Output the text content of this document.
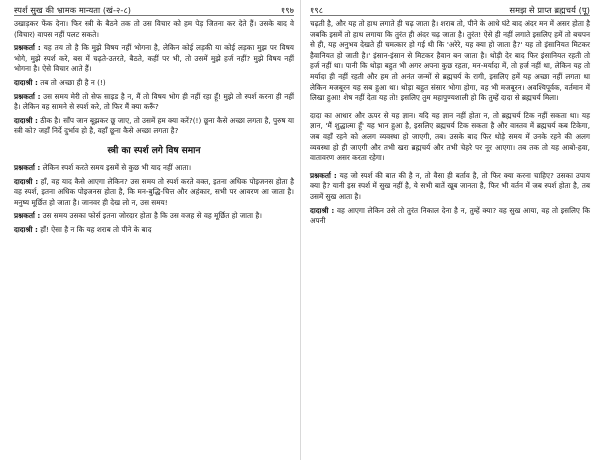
स्पर्श सुख की भ्रामक मान्यता (खं-२-८)	१९७

उखाड़कर फेंक देना। फिर स्त्री के बैठने तक तो उस विचार को हम पेड़ जितना कर देते हैं। उसके बाद वे (विचार) वापस नहीं पलट सकते।

प्रश्नकर्ता : यह तय तो है कि मुझे विषय नहीं भोगना है, लेकिन कोई लड़की या कोई लड़का मुझ पर विषय भोगे, मुझे स्पर्श करे, बस में चढ़ते-उतरते, बैठते, कहीं पर भी, तो उसमें मुझे हर्ज नहीं? मुझे विषय नहीं भोगना है। ऐसे विचार आते हैं।

दादाश्री : तब तो अच्छा ही है न (!)

प्रश्नकर्ता : उस समय मेरी तो सेफ साइड है न, मैं तो विषय भोग ही नहीं रहा हूँ! मुझे तो स्पर्श करना ही नहीं है। लेकिन वह सामने से स्पर्श करे, तो फिर मैं क्या करूँ?

दादाश्री : ठीक है। साँप जान बूझकर छू जाए, तो उसमें हम क्या करें?(!) छूना कैसे अच्छा लगता है, पुरुष या स्त्री को? जहाँ निर्दे दुर्भाव हो है, वहाँ छूना कैसे अच्छा लगता है?

स्त्री का स्पर्श लगे विष समान

प्रश्नकर्ता : लेकिन स्पर्श करते समय इसमें से कुछ भी याद नहीं आता।

दादाश्री : हाँ, वह याद कैसे आएगा लेकिन? उस समय तो स्पर्श करते वक्त, इतना अधिक पोइजनस होता है वह स्पर्श, इतना अधिक पोइजनस होता है, कि मन-बुद्धि-चित्त और अहंकार, सभी पर आवरण आ जाता है। मनुष्य मूर्छित हो जाता है। जानवर ही देख लो न, उस समय!

प्रश्नकर्ता : उस समय उसका फोर्स इतना जोरदार होता है कि उस वजह से वह मूर्छित हो जाता है।

दादाश्री : हाँ! ऐसा है न कि यह शराब तो पीने के बाद

१९८	समझ से प्राप्त ब्रह्मचर्य (पू)

चढ़ती है, और यह तो हाथ लगाते ही चढ़ जाता है। शराब तो, पीने के आधे घंटे बाद अंदर मन में असर होता है जबकि इसमें तो हाथ लगाया कि तुरंत ही अंदर चढ़ जाता है। तुरंत! ऐसे ही नहीं लगाते इसलिए हमें तो बचपन से ही, यह अनुभव देखते ही चमत्कार हो गई थी कि 'अरेरे, यह क्या हो जाता है?' यह तो इंसानियत मिटकर हैवानियत हो जाती है।' इंसान-इंसान से मिटकर हैवान बन जाता है। थोड़ी देर बाद फिर इंसानियत रहती तो हर्ज नहीं था। पानी कि थोड़ा बहुत भी अगर अपना कुछ रहता, मन-मर्यादा में, तो हर्ज नहीं था, लेकिन यह तो मर्यादा ही नहीं रहती और हम तो अनंत जन्मों से ब्रह्मचर्य के रागी, इसलिए हमें यह अच्छा नहीं लगता था लेकिन मजबूरन यह सब हुआ था। थोड़ा बहुत संसार भोगा होगा, वह भी मजबूरन। अवश्यिपूर्वक, वर्तमान में लिखा हुआ! शेष नहीं देता यह तो! इसलिए तुम महापुण्यशाली हो कि तुम्हें दादा से ब्रह्मचर्य मिला।

दादा का आधार और ऊपर से यह ज्ञान। यदि यह ज्ञान नहीं होता न, तो ब्रह्मचर्य टिक नहीं सकता था। यह ज्ञान, 'मैं शुद्धात्मा हूँ' यह भान हुआ है, इसलिए ब्रह्मचर्य टिक सकता है और वास्तव में ब्रह्मचर्य कब टिकेगा, जब वहाँ रहने को अलग व्यवस्था हो जाएगी, तब। उसके बाद फिर थोड़े समय में उनके रहने की अलग व्यवस्था हो ही जाएगी और तभी खरा ब्रह्मचर्य और तभी चेहरे पर नूर आएगा। तब तक तो यह आबो-हवा, वातावरण असर करता रहेगा।

प्रश्नकर्ता : यह जो स्पर्श की बात की है न, तो वैसा ही बर्ताव है, तो फिर क्या करना चाहिए? उसका उपाय क्या है? यानी इस स्पर्श में सुख नहीं है, ये सभी बातें खूब जानता है, फिर भी वर्तन में जब स्पर्श होता है, तब उसमें सुख आता है।

दादाश्री : वह आएगा लेकिन उसे तो तुरंत निकाल देना है न, तुम्हें क्या? वह सुख आया, वह तो इसलिए कि अपनी
